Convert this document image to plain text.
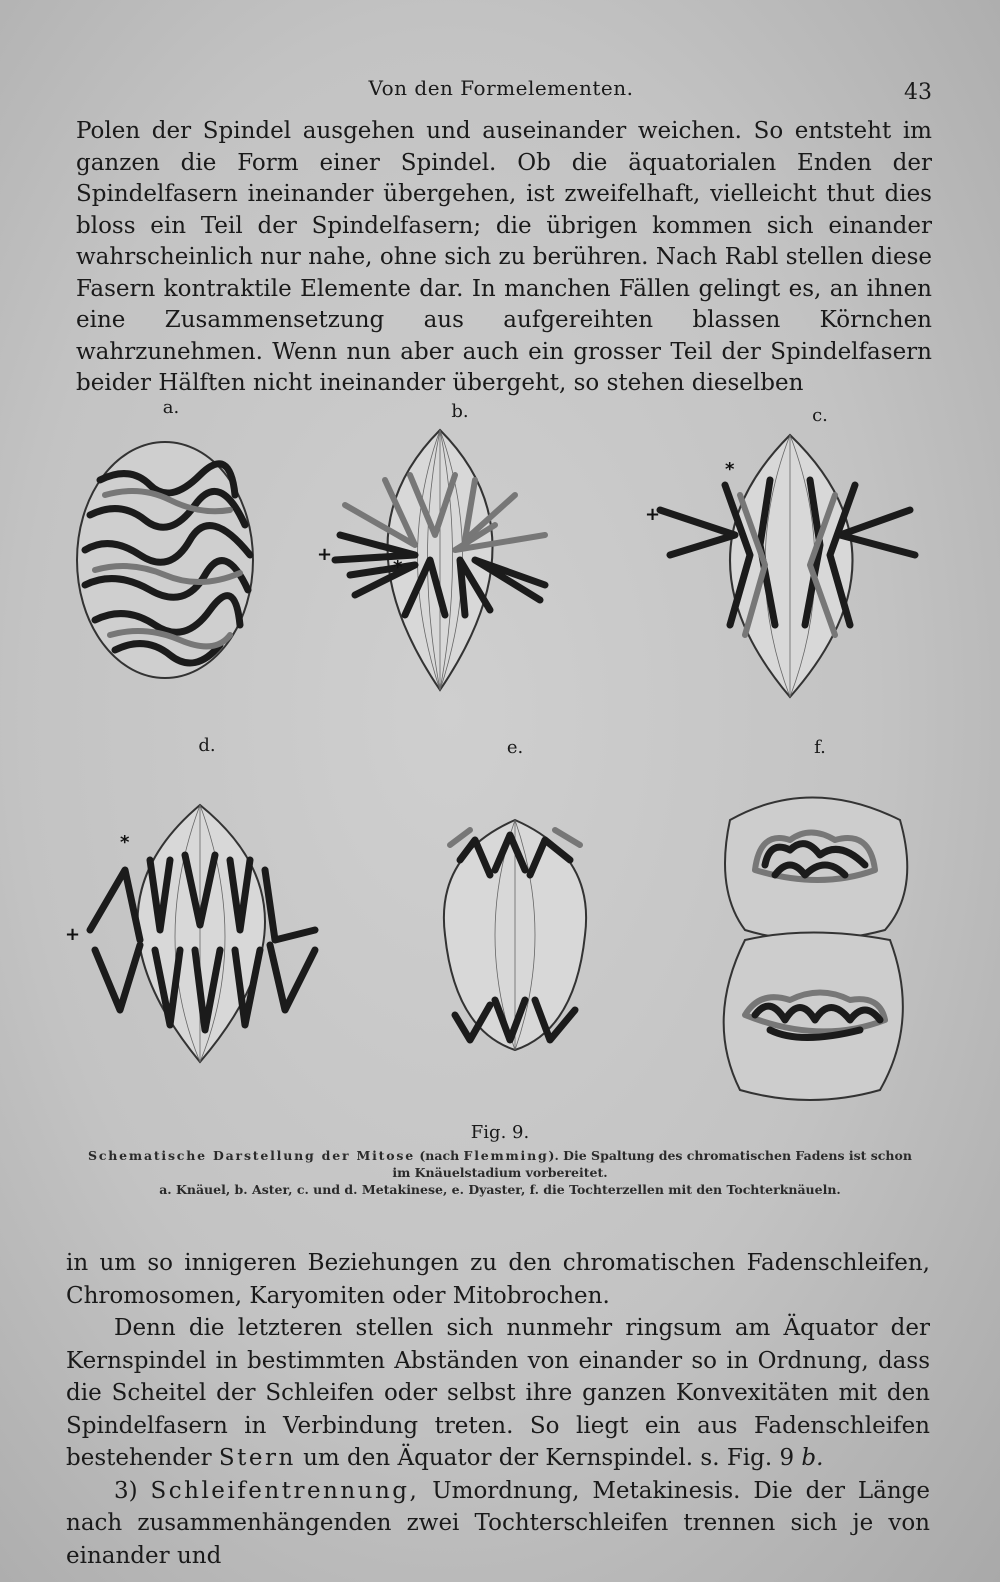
Von den Formelementen.	43

Polen der Spindel ausgehen und auseinander weichen. So entsteht im ganzen die Form einer Spindel. Ob die äquatorialen Enden der Spindelfasern ineinander übergehen, ist zweifelhaft, vielleicht thut dies bloss ein Teil der Spindelfasern; die übrigen kommen sich einander wahrscheinlich nur nahe, ohne sich zu berühren. Nach Rabl stellen diese Fasern kontraktile Elemente dar. In manchen Fällen gelingt es, an ihnen eine Zusammensetzung aus aufgereihten blassen Körnchen wahrzunehmen. Wenn nun aber auch ein grosser Teil der Spindelfasern beider Hälften nicht ineinander übergeht, so stehen dieselben

a.	b.	c.
d.	e.	f.
+
*
+
*
+
*
Fig. 9.
Schematische Darstellung der Mitose (nach Flemming). Die Spaltung des chromatischen Fadens ist schon
im Knäuelstadium vorbereitet.
a. Knäuel, b. Aster, c. und d. Metakinese, e. Dyaster, f. die Tochterzellen mit den Tochterknäueln.

in um so innigeren Beziehungen zu den chromatischen Fadenschleifen, Chromosomen, Karyomiten oder Mitobrochen.

Denn die letzteren stellen sich nunmehr ringsum am Äquator der Kernspindel in bestimmten Abständen von einander so in Ordnung, dass die Scheitel der Schleifen oder selbst ihre ganzen Konvexitäten mit den Spindelfasern in Verbindung treten. So liegt ein aus Fadenschleifen bestehender Stern um den Äquator der Kernspindel. s. Fig. 9 b.

3) Schleifentrennung, Umordnung, Metakinesis. Die der Länge nach zusammenhängenden zwei Tochterschleifen trennen sich je von einander und
